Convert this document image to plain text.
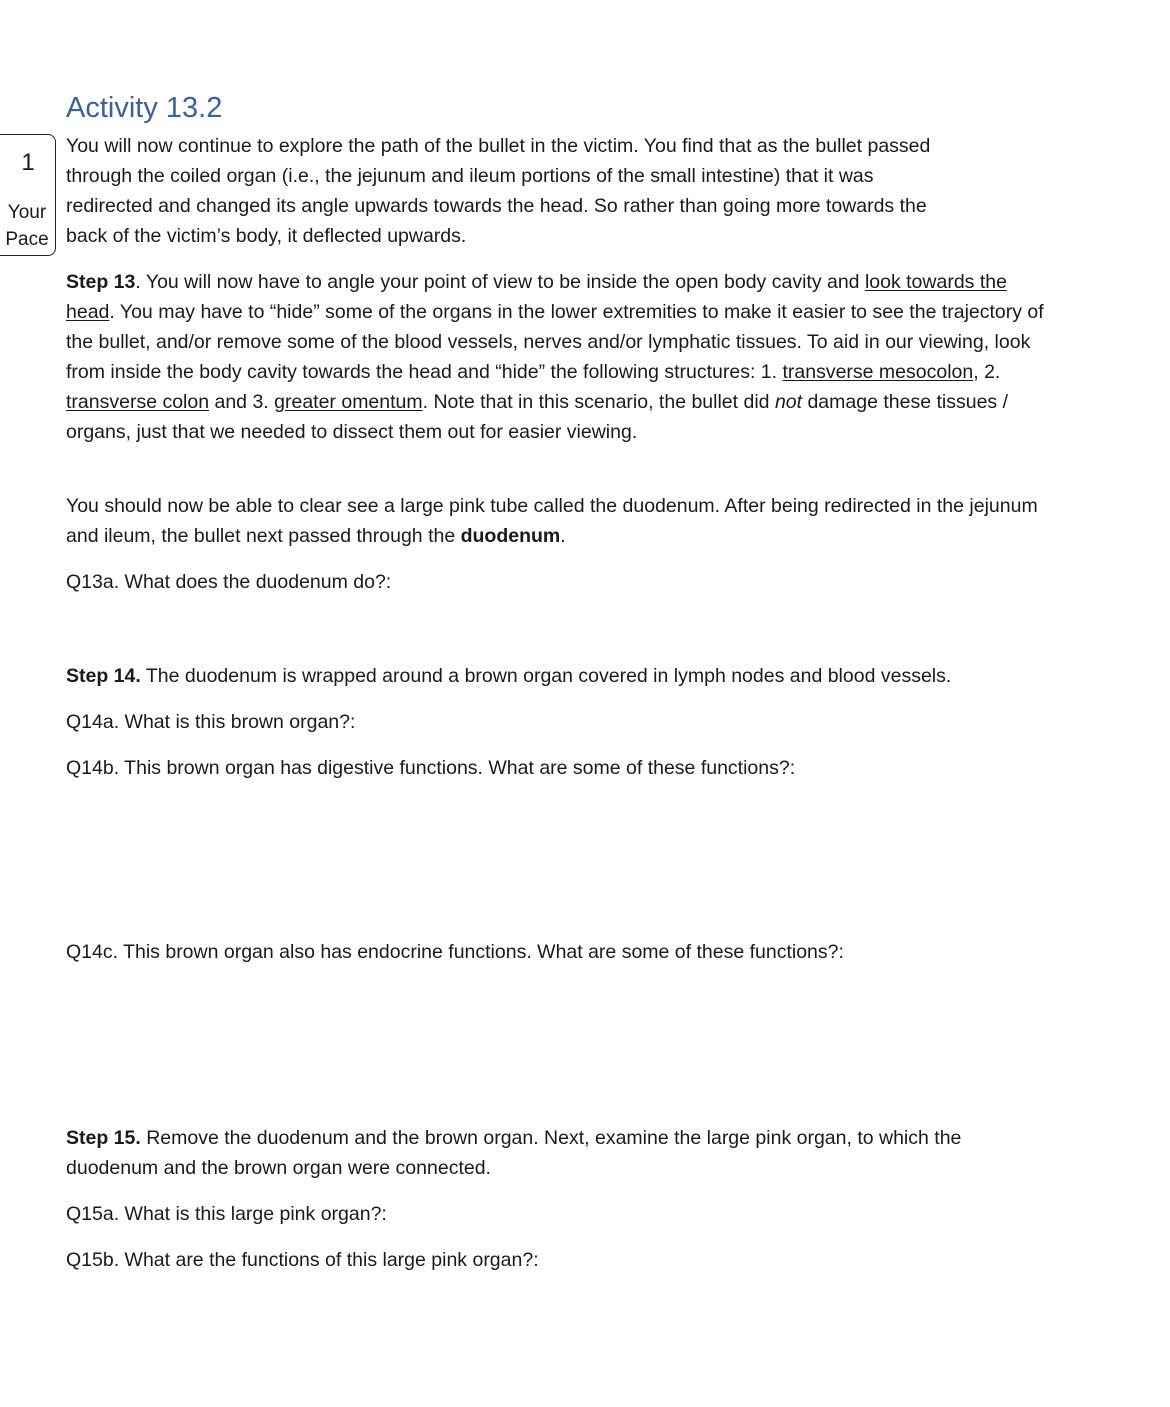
Activity 13.2
1
Your
Pace

You will now continue to explore the path of the bullet in the victim. You find that as the bullet passed
through the coiled organ (i.e., the jejunum and ileum portions of the small intestine) that it was
redirected and changed its angle upwards towards the head. So rather than going more towards the
back of the victim’s body, it deflected upwards.

Step 13. You will now have to angle your point of view to be inside the open body cavity and look towards the head. You may have to “hide” some of the organs in the lower extremities to make it easier to see the trajectory of the bullet, and/or remove some of the blood vessels, nerves and/or lymphatic tissues. To aid in our viewing, look from inside the body cavity towards the head and “hide” the following structures: 1. transverse mesocolon, 2. transverse colon and 3. greater omentum. Note that in this scenario, the bullet did not damage these tissues / organs, just that we needed to dissect them out for easier viewing.

You should now be able to clear see a large pink tube called the duodenum. After being redirected in the jejunum and ileum, the bullet next passed through the duodenum.

Q13a. What does the duodenum do?:

Step 14. The duodenum is wrapped around a brown organ covered in lymph nodes and blood vessels.

Q14a. What is this brown organ?:

Q14b. This brown organ has digestive functions. What are some of these functions?:

Q14c. This brown organ also has endocrine functions. What are some of these functions?:

Step 15. Remove the duodenum and the brown organ. Next, examine the large pink organ, to which the duodenum and the brown organ were connected.

Q15a. What is this large pink organ?:

Q15b. What are the functions of this large pink organ?:
